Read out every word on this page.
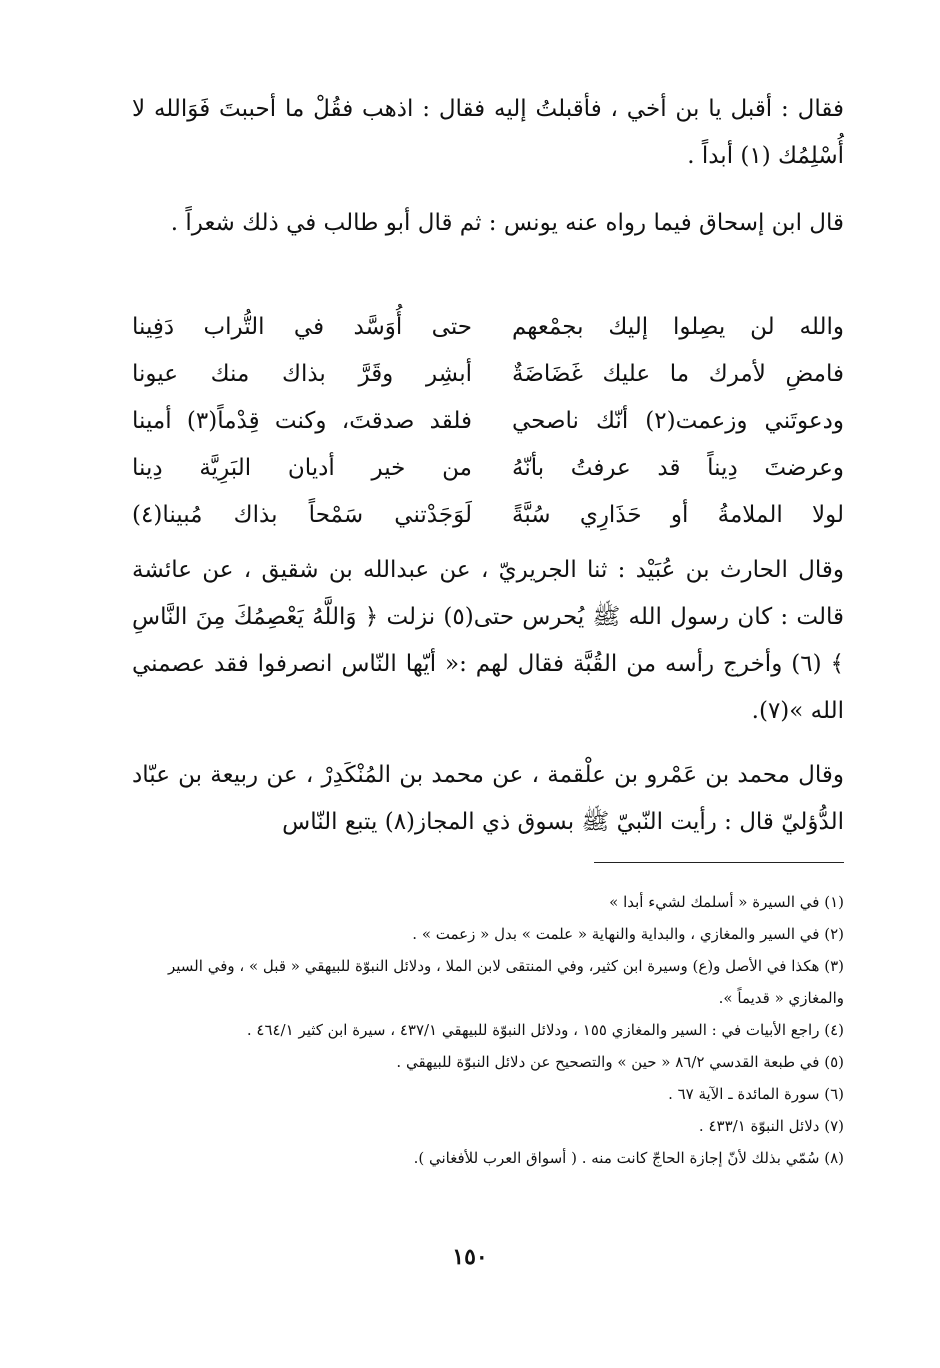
فقال : أقبل يا بن أخي ، فأقبلتُ إليه فقال : اذهب فقُلْ ما أحببتَ فَوَالله لا أُسْلِمُك (١) أبداً .

قال ابن إسحاق فيما رواه عنه يونس : ثم قال أبو طالب في ذلك شعراً .

والله لن يصِلوا إليك بجمْعهم
حتى أُوَسَّد في التُّراب دَفِينا
فامضِ لأمرك ما عليك غَضَاضَةٌ
أبشِر وقَرَّ بذاك منك عيونا
ودعوتَني وزعمت(٢) أنّك ناصحي
فلقد صدقتَ، وكنت قِدْماً(٣) أمينا
وعرضتَ دِيناً قد عرفتُ بأنّهُ
من خير أديان البَرِيَّة دِينا
لولا الملامةُ أو حَذَارِي سُبَّةً
لَوَجَدْتني سَمْحاً بذاك مُبينا(٤)

وقال الحارث بن عُبَيْد : ثنا الجريريّ ، عن عبدالله بن شقيق ، عن عائشة قالت : كان رسول الله ﷺ يُحرس حتى(٥) نزلت ﴿ وَاللَّهُ يَعْصِمُكَ مِنَ النَّاسِ ﴾ (٦) وأخرج رأسه من القُبَّة فقال لهم :« أيّها النّاس انصرفوا فقد عصمني الله »(٧).

وقال محمد بن عَمْرو بن علْقمة ، عن محمد بن المُنْكَدِرْ ، عن ربيعة بن عبّاد الدُّؤليّ قال : رأيت النّبيّ ﷺ بسوق ذي المجاز(٨) يتبع النّاس

(١) في السيرة « أسلمك لشيء أبدا »
(٢) في السير والمغازي ، والبداية والنهاية « علمت » بدل « زعمت » .
(٣) هكذا في الأصل و(ع) وسيرة ابن كثير، وفي المنتقى لابن الملا ، ودلائل النبوّة للبيهقي « قبل » ، وفي السير والمغازي « قديماً ».
(٤) راجع الأبيات في : السير والمغازي ١٥٥ ، ودلائل النبوّة للبيهقي ٤٣٧/١ ، سيرة ابن كثير ٤٦٤/١ .
(٥) في طبعة القدسي ٨٦/٢ « حين » والتصحيح عن دلائل النبوّة للبيهقي .
(٦) سورة المائدة ـ الآية ٦٧ .
(٧) دلائل النبوّة ٤٣٣/١ .
(٨) سُمّي بذلك لأنّ إجازة الحاجّ كانت منه . ( أسواق العرب للأفغاني ).
١٥٠
